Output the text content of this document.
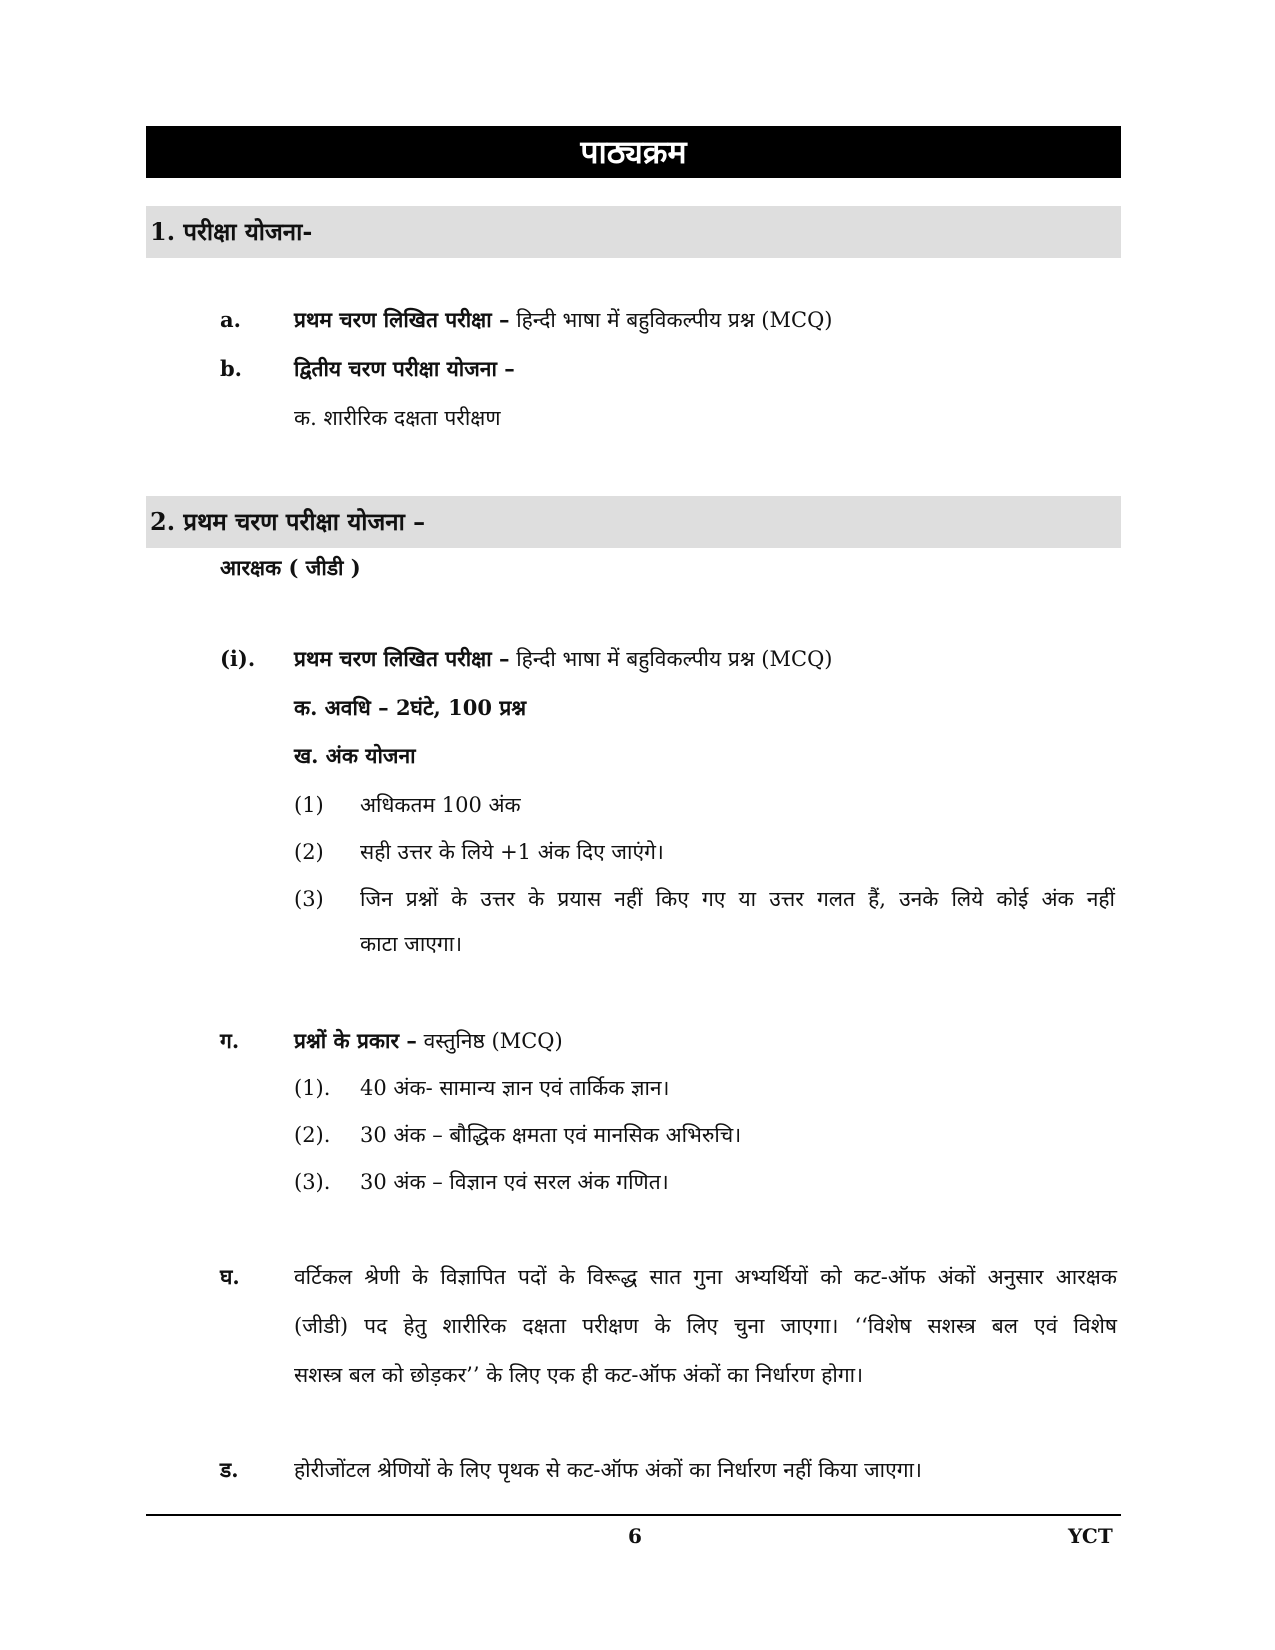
पाठ्यक्रम
1. परीक्षा योजना-
a.	प्रथम चरण लिखित परीक्षा – हिन्दी भाषा में बहुविकल्पीय प्रश्न (MCQ)
b. द्वितीय चरण परीक्षा योजना –
क. शारीरिक दक्षता परीक्षण
2. प्रथम चरण परीक्षा योजना –
आरक्षक ( जीडी )
(i). प्रथम चरण लिखित परीक्षा – हिन्दी भाषा में बहुविकल्पीय प्रश्न (MCQ)
क. अवधि – 2घंटे, 100 प्रश्न
ख. अंक योजना
(1) अधिकतम 100 अंक
(2) सही उत्तर के लिये +1 अंक दिए जाएंगे।
(3) जिन प्रश्नों के उत्तर के प्रयास नहीं किए गए या उत्तर गलत हैं, उनके लिये कोई अंक नहीं
काटा जाएगा।
ग.	प्रश्नों के प्रकार – वस्तुनिष्ठ (MCQ)
(1). 40 अंक- सामान्य ज्ञान एवं तार्किक ज्ञान।
(2). 30 अंक – बौद्धिक क्षमता एवं मानसिक अभिरुचि।
(3). 30 अंक – विज्ञान एवं सरल अंक गणित।
घ.	वर्टिकल श्रेणी के विज्ञापित पदों के विरूद्ध सात गुना अभ्यर्थियों को कट-ऑफ अंकों अनुसार आरक्षक
(जीडी) पद हेतु शारीरिक दक्षता परीक्षण के लिए चुना जाएगा। ‘‘विशेष सशस्त्र बल एवं विशेष
सशस्त्र बल को छोड़कर’’ के लिए एक ही कट-ऑफ अंकों का निर्धारण होगा।
ड.	होरीजोंटल श्रेणियों के लिए पृथक से कट-ऑफ अंकों का निर्धारण नहीं किया जाएगा।
6	YCT
